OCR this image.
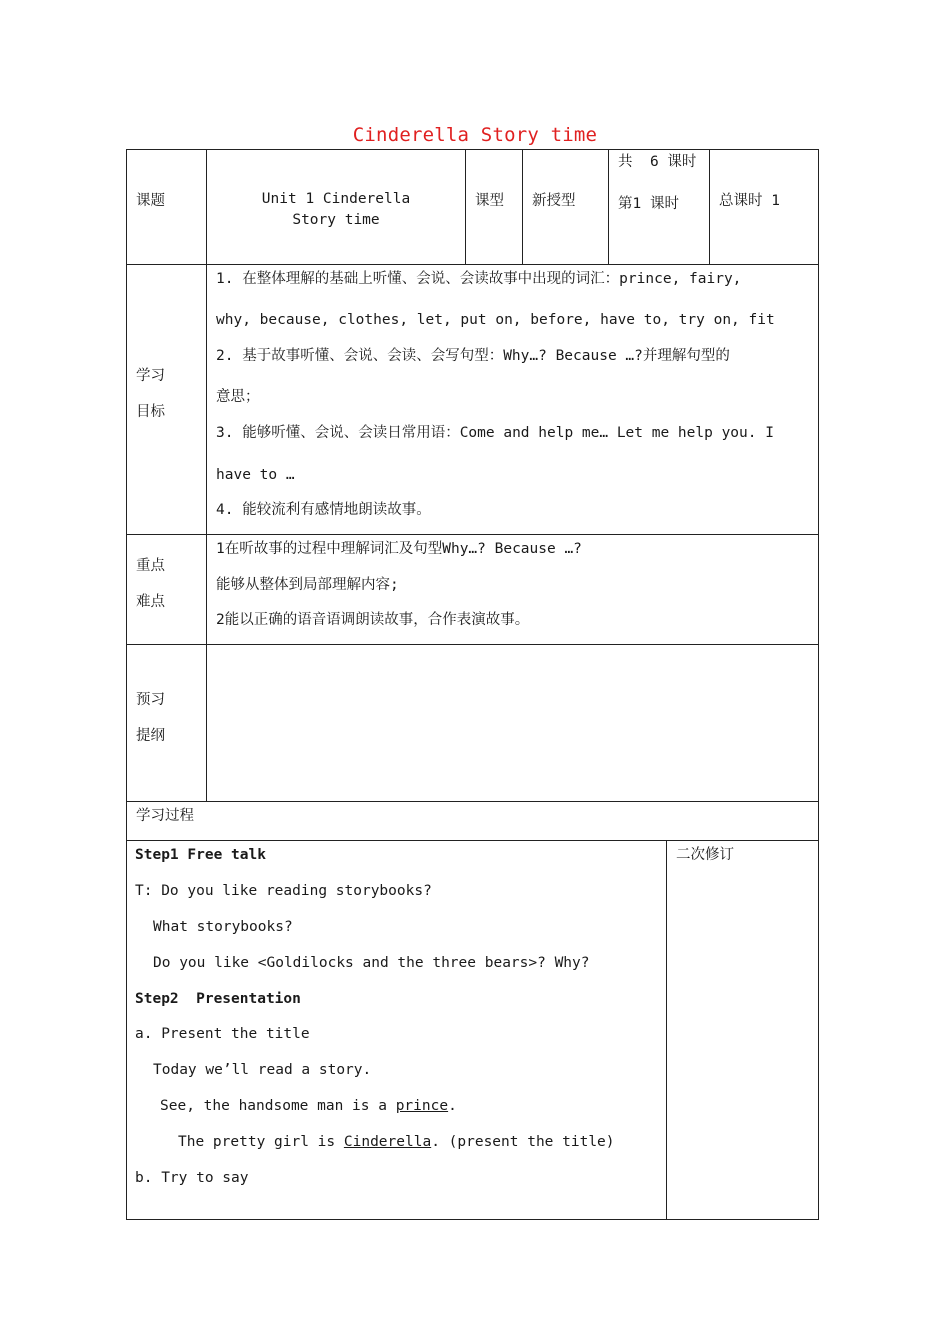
Cinderella Story time
课题	Unit 1 Cinderella
Story time
课型 新授型
共  6 课时
第1 课时	总课时 1
学习
目标
1. 在整体理解的基础上听懂、会说、会读故事中出现的词汇：prince, fairy,
why, because, clothes, let, put on, before, have to, try on, fit
2. 基于故事听懂、会说、会读、会写句型：Why…? Because …?并理解句型的
意思；
3. 能够听懂、会说、会读日常用语：Come and help me… Let me help you. I
have to …
4. 能较流利有感情地朗读故事。
重点
难点
1在听故事的过程中理解词汇及句型Why…? Because …?
能够从整体到局部理解内容;
2能以正确的语音语调朗读故事，合作表演故事。
预习
提纲
学习过程
二次修订
Step1 Free talk
T: Do you like reading storybooks?
What storybooks?
Do you like <Goldilocks and the three bears>? Why?
Step2  Presentation
a. Present the title
Today we’ll read a story.
See, the handsome man is a prince.
The pretty girl is Cinderella. (present the title)
b. Try to say
